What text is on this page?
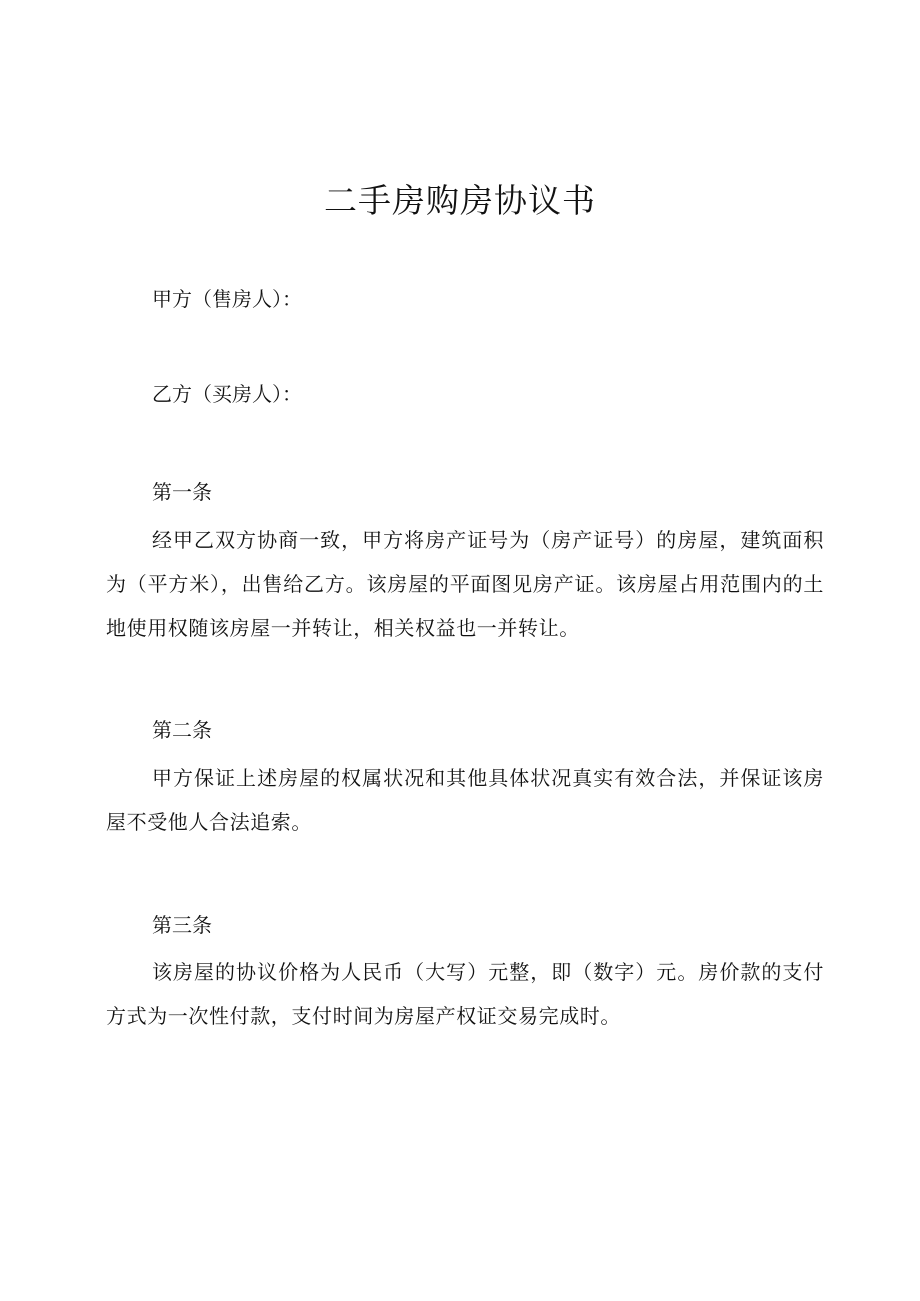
二手房购房协议书

甲方（售房人）：

乙方（买房人）：

第一条

经甲乙双方协商一致，甲方将房产证号为（房产证号）的房屋，建筑面积为（平方米），出售给乙方。该房屋的平面图见房产证。该房屋占用范围内的土地使用权随该房屋一并转让，相关权益也一并转让。

第二条

甲方保证上述房屋的权属状况和其他具体状况真实有效合法，并保证该房屋不受他人合法追索。

第三条

该房屋的协议价格为人民币（大写）元整，即（数字）元。房价款的支付方式为一次性付款，支付时间为房屋产权证交易完成时。
